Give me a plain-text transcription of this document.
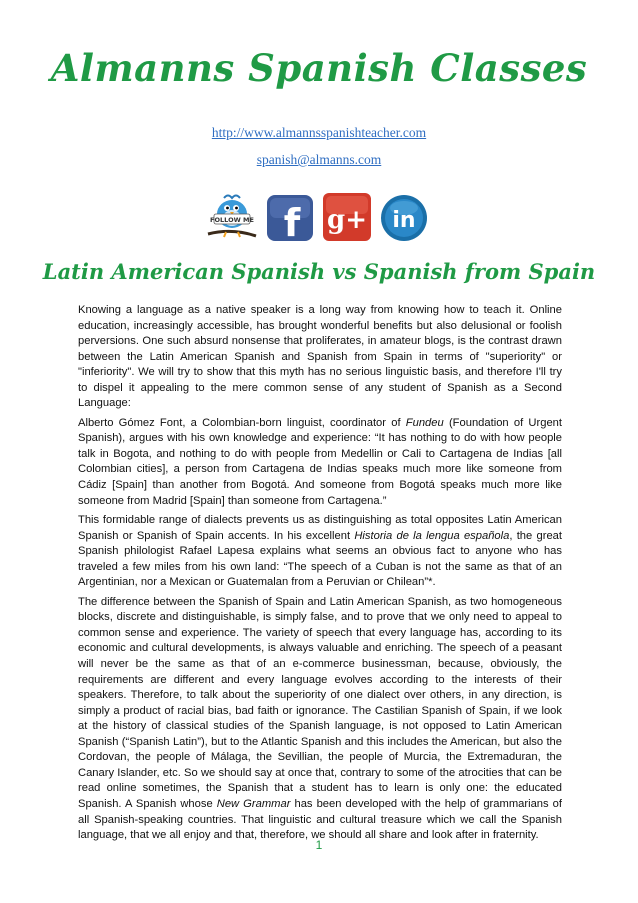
Almanns Spanish Classes
http://www.almannsspanishteacher.com
spanish@almanns.com
FOLLOW ME f g+ in
Latin American Spanish vs Spanish from Spain

Knowing a language as a native speaker is a long way from knowing how to teach it. Online education, increasingly accessible, has brought wonderful benefits but also delusional or foolish perversions. One such absurd nonsense that proliferates, in amateur blogs, is the contrast drawn between the Latin American Spanish and Spanish from Spain in terms of "superiority" or "inferiority". We will try to show that this myth has no serious linguistic basis, and therefore I'll try to dispel it appealing to the mere common sense of any student of Spanish as a Second Language:

Alberto Gómez Font, a Colombian-born linguist, coordinator of Fundeu (Foundation of Urgent Spanish), argues with his own knowledge and experience: “It has nothing to do with how people talk in Bogota, and nothing to do with people from Medellin or Cali to Cartagena de Indias [all Colombian cities], a person from Cartagena de Indias speaks much more like someone from Cádiz [Spain] than another from Bogotá. And someone from Bogotá speaks much more like someone from Madrid [Spain] than someone from Cartagena.”

This formidable range of dialects prevents us as distinguishing as total opposites Latin American Spanish or Spanish of Spain accents. In his excellent Historia de la lengua española, the great Spanish philologist Rafael Lapesa explains what seems an obvious fact to anyone who has traveled a few miles from his own land: “The speech of a Cuban is not the same as that of an Argentinian, nor a Mexican or Guatemalan from a Peruvian or Chilean”*.

The difference between the Spanish of Spain and Latin American Spanish, as two homogeneous blocks, discrete and distinguishable, is simply false, and to prove that we only need to appeal to common sense and experience. The variety of speech that every language has, according to its economic and cultural developments, is always valuable and enriching. The speech of a peasant will never be the same as that of an e-commerce businessman, because, obviously, the requirements are different and every language evolves according to the interests of their speakers. Therefore, to talk about the superiority of one dialect over others, in any direction, is simply a product of racial bias, bad faith or ignorance. The Castilian Spanish of Spain, if we look at the history of classical studies of the Spanish language, is not opposed to Latin American Spanish (“Spanish Latin”), but to the Atlantic Spanish and this includes the American, but also the Cordovan, the people of Málaga, the Sevillian, the people of Murcia, the Extremaduran, the Canary Islander, etc. So we should say at once that, contrary to some of the atrocities that can be read online sometimes, the Spanish that a student has to learn is only one: the educated Spanish. A Spanish whose New Grammar has been developed with the help of grammarians of all Spanish-speaking countries. That linguistic and cultural treasure which we call the Spanish language, that we all enjoy and that, therefore, we should all share and look after in fraternity.

1
